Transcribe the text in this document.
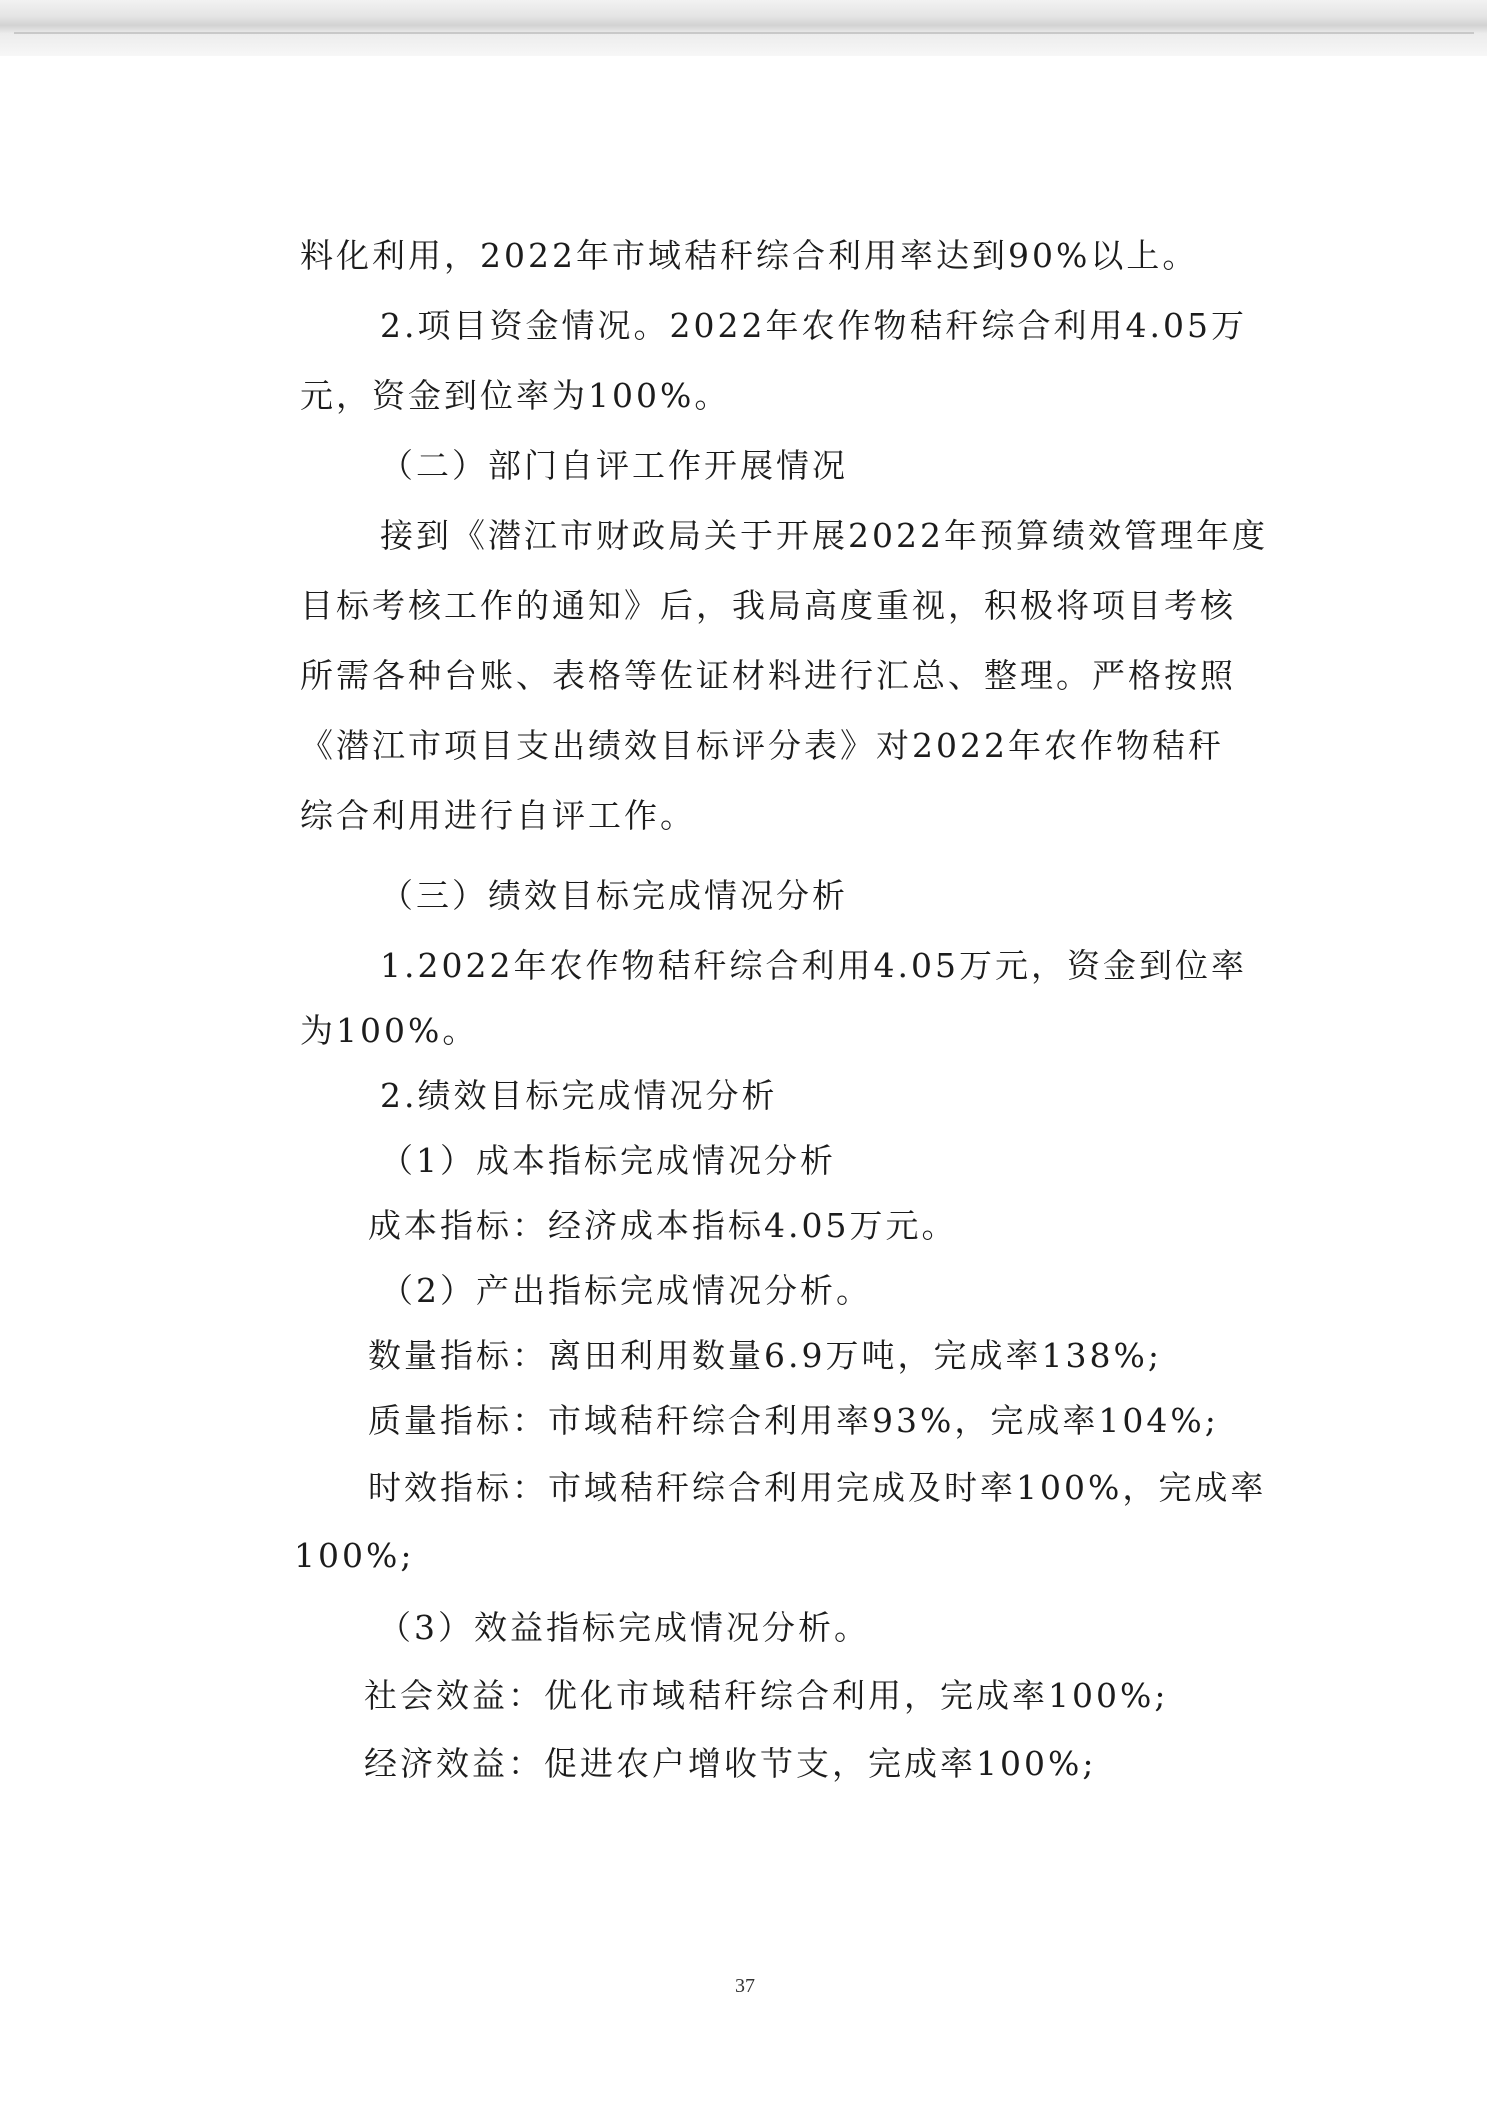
料化利用，2022年市域秸秆综合利用率达到90%以上。
2.项目资金情况。2022年农作物秸秆综合利用4.05万
元，资金到位率为100%。
（二）部门自评工作开展情况
接到《潜江市财政局关于开展2022年预算绩效管理年度
目标考核工作的通知》后，我局高度重视，积极将项目考核
所需各种台账、表格等佐证材料进行汇总、整理。严格按照
《潜江市项目支出绩效目标评分表》对2022年农作物秸秆
综合利用进行自评工作。
（三）绩效目标完成情况分析
1.2022年农作物秸秆综合利用4.05万元，资金到位率
为100%。
2.绩效目标完成情况分析
（1）成本指标完成情况分析
成本指标：经济成本指标4.05万元。
（2）产出指标完成情况分析。
数量指标：离田利用数量6.9万吨，完成率138%;
质量指标：市域秸秆综合利用率93%，完成率104%;
时效指标：市域秸秆综合利用完成及时率100%，完成率
100%;
（3）效益指标完成情况分析。
社会效益：优化市域秸秆综合利用，完成率100%;
经济效益：促进农户增收节支，完成率100%;
37
